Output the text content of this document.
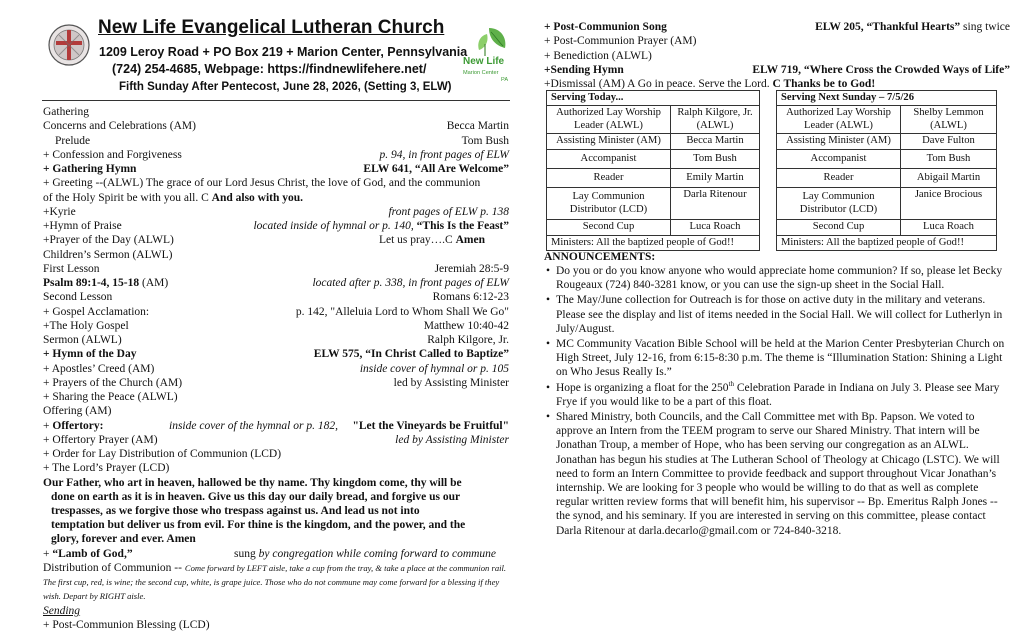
New Life Evangelical Lutheran Church
1209 Leroy Road + PO Box 219 + Marion Center, Pennsylvania
(724) 254-4685, Webpage: https://findnewlifehere.net/
Fifth Sunday After Pentecost, June 28, 2026, (Setting 3, ELW)
New Life
Marion Center
PA
Gathering
Concerns and Celebrations (AM)	Becca Martin
Prelude	Tom Bush
+ Confession and Forgiveness	p. 94, in front pages of ELW
+ Gathering Hymn	ELW 641, “All Are Welcome”
+ Greeting --(ALWL) The grace of our Lord Jesus Christ, the love of God, and the communion
of the Holy Spirit be with you all. C And also with you.
+Kyrie	front pages of ELW p. 138
+Hymn of Praise	located inside of hymnal or p. 140, “This Is the Feast”
+Prayer of the Day (ALWL)	Let us pray….C Amen
Children’s Sermon (ALWL)
First Lesson	Jeremiah 28:5-9
Psalm 89:1-4, 15-18 (AM)	located after p. 338, in front pages of ELW
Second Lesson	Romans 6:12-23
+ Gospel Acclamation:	p. 142, "Alleluia Lord to Whom Shall We Go"
+The Holy Gospel	Matthew 10:40-42
Sermon (ALWL)	Ralph Kilgore, Jr.
+ Hymn of the Day	ELW 575, “In Christ Called to Baptize”
+ Apostles’ Creed (AM)	inside cover of hymnal or p. 105
+ Prayers of the Church (AM)	led by Assisting Minister
+ Sharing the Peace (ALWL)
Offering (AM)
+ Offertory:	inside cover of the hymnal or p. 182, "Let the Vineyards be Fruitful"
+ Offertory Prayer (AM)	led by Assisting Minister
+ Order for Lay Distribution of Communion (LCD)
+ The Lord’s Prayer (LCD)
Our Father, who art in heaven, hallowed be thy name. Thy kingdom come, thy will be
done on earth as it is in heaven. Give us this day our daily bread, and forgive us our
trespasses, as we forgive those who trespass against us. And lead us not into
temptation but deliver us from evil. For thine is the kingdom, and the power, and the
glory, forever and ever. Amen
+ “Lamb of God,”	sung by congregation while coming forward to commune
Distribution of Communion -- Come forward by LEFT aisle, take a cup from the tray, & take a place at the communion rail. The first cup, red, is wine; the second cup, white, is grape juice. Those who do not commune may come forward for a blessing if they wish. Depart by RIGHT aisle.
Sending
+ Post-Communion Blessing (LCD)
+ Post-Communion Song	ELW 205, “Thankful Hearts” sing twice
+ Post-Communion Prayer (AM)
+ Benediction (ALWL)
+Sending Hymn	ELW 719, “Where Cross the Crowded Ways of Life”
+Dismissal (AM) A Go in peace. Serve the Lord. C Thanks be to God!
Serving Today...	
Authorized Lay Worship Leader (ALWL)	Ralph Kilgore, Jr. (ALWL)
Assisting Minister (AM)	Becca Martin
Accompanist	Tom Bush
Reader	Emily Martin
Lay Communion Distributor (LCD)	Darla Ritenour
Second Cup	Luca Roach
Ministers: All the baptized people of God!!	
Serving Next Sunday – 7/5/26	
Authorized Lay Worship Leader (ALWL)	Shelby Lemmon (ALWL)
Assisting Minister (AM)	Dave Fulton
Accompanist	Tom Bush
Reader	Abigail Martin
Lay Communion Distributor (LCD)	Janice Brocious
Second Cup	Luca Roach
Ministers: All the baptized people of God!!	
ANNOUNCEMENTS:
• Do you or do you know anyone who would appreciate home communion? If so, please let Becky Rougeaux (724) 840-3281 know, or you can use the sign-up sheet in the Social Hall.
• The May/June collection for Outreach is for those on active duty in the military and veterans. Please see the display and list of items needed in the Social Hall. We will collect for Lutherlyn in July/August.
• MC Community Vacation Bible School will be held at the Marion Center Presbyterian Church on High Street, July 12-16, from 6:15-8:30 p.m. The theme is “Illumination Station: Shining a Light on Who Jesus Really Is.”
• Hope is organizing a float for the 250th Celebration Parade in Indiana on July 3. Please see Mary Frye if you would like to be a part of this float.
• Shared Ministry, both Councils, and the Call Committee met with Bp. Papson. We voted to approve an Intern from the TEEM program to serve our Shared Ministry. That intern will be Jonathan Troup, a member of Hope, who has been serving our congregation as an ALWL. Jonathan has begun his studies at The Lutheran School of Theology at Chicago (LSTC). We will need to form an Intern Committee to provide feedback and support throughout Vicar Jonathan’s internship. We are looking for 3 people who would be willing to do that as well as complete regular written review forms that will benefit him, his supervisor -- Bp. Emeritus Ralph Jones -- the synod, and his seminary. If you are interested in serving on this committee, please contact Darla Ritenour at darla.decarlo@gmail.com or 724-840-3218.
